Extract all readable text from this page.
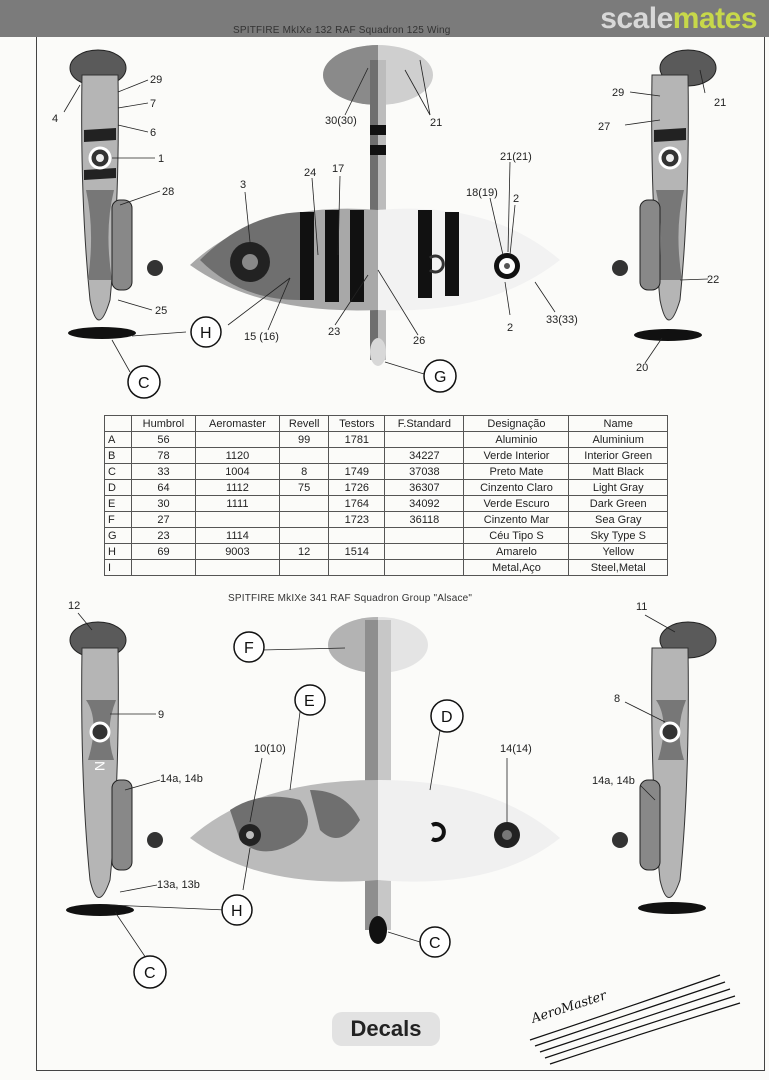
scalemates
SPITFIRE MkIXe 132 RAF Squadron 125 Wing
SPITFIRE MkIXe 341 RAF Squadron Group "Alsace"
N
H
C	G
F
E
D
H
C
C
29
7
6
1
28
25
4
3
24 17
30(30)	21
21(21)
18(19) 2
15 (16)	23
26
2
33(33)
29
21
27
22
20
12
9
14a, 14b
13a, 13b
10(10)	14(14)
11
8
14a, 14b
	Humbrol	Aeromaster	Revell	Testors	F.Standard	Designação	Name
A	56		99	1781		Aluminio	Aluminium
B	78	1120			34227	Verde Interior	Interior Green
C	33	1004	8	1749	37038	Preto Mate	Matt Black
D	64	1112	75	1726	36307	Cinzento Claro	Light Gray
E	30	1111		1764	34092	Verde Escuro	Dark Green
F	27			1723	36118	Cinzento Mar	Sea Gray
G	23	1114				Céu Tipo S	Sky Type S
H	69	9003	12	1514		Amarelo	Yellow
I						Metal,Aço	Steel,Metal
Decals
AeroMaster
